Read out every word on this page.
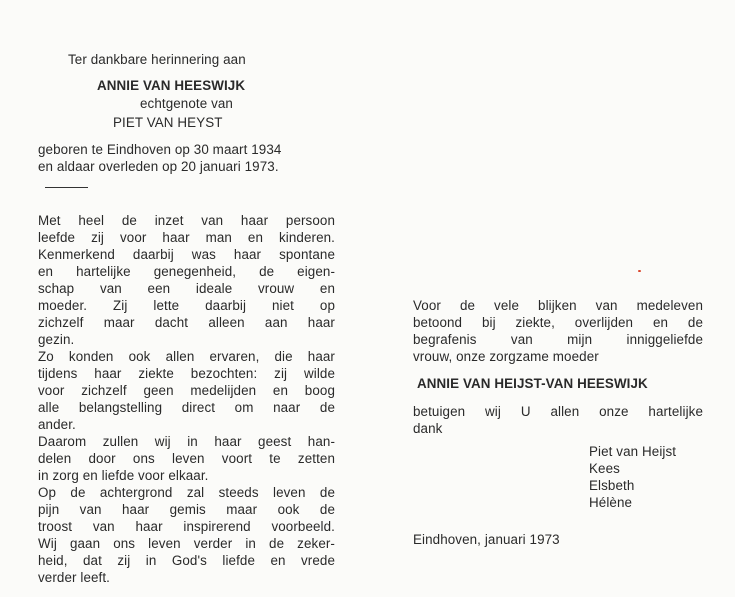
Ter dankbare herinnering aan
ANNIE VAN HEESWIJK
echtgenote van
PIET VAN HEYST
geboren te Eindhoven op 30 maart 1934
en aldaar overleden op 20 januari 1973.
Met heel de inzet van haar persoon
leefde zij voor haar man en kinderen.
Kenmerkend daarbij was haar spontane
en hartelijke genegenheid, de eigen-
schap van een ideale vrouw en
moeder. Zij lette daarbij niet op
zichzelf maar dacht alleen aan haar
gezin.
Zo konden ook allen ervaren, die haar
tijdens haar ziekte bezochten: zij wilde
voor zichzelf geen medelijden en boog
alle belangstelling direct om naar de
ander.
Daarom zullen wij in haar geest han-
delen door ons leven voort te zetten
in zorg en liefde voor elkaar.
Op de achtergrond zal steeds leven de
pijn van haar gemis maar ook de
troost van haar inspirerend voorbeeld.
Wij gaan ons leven verder in de zeker-
heid, dat zij in God's liefde en vrede
verder leeft.
Voor de vele blijken van medeleven
betoond bij ziekte, overlijden en de
begrafenis van mijn inniggeliefde
vrouw, onze zorgzame moeder
ANNIE VAN HEIJST-VAN HEESWIJK
betuigen wij U allen onze hartelijke
dank
Piet van Heijst
Kees
Elsbeth
Hélène
Eindhoven, januari 1973
